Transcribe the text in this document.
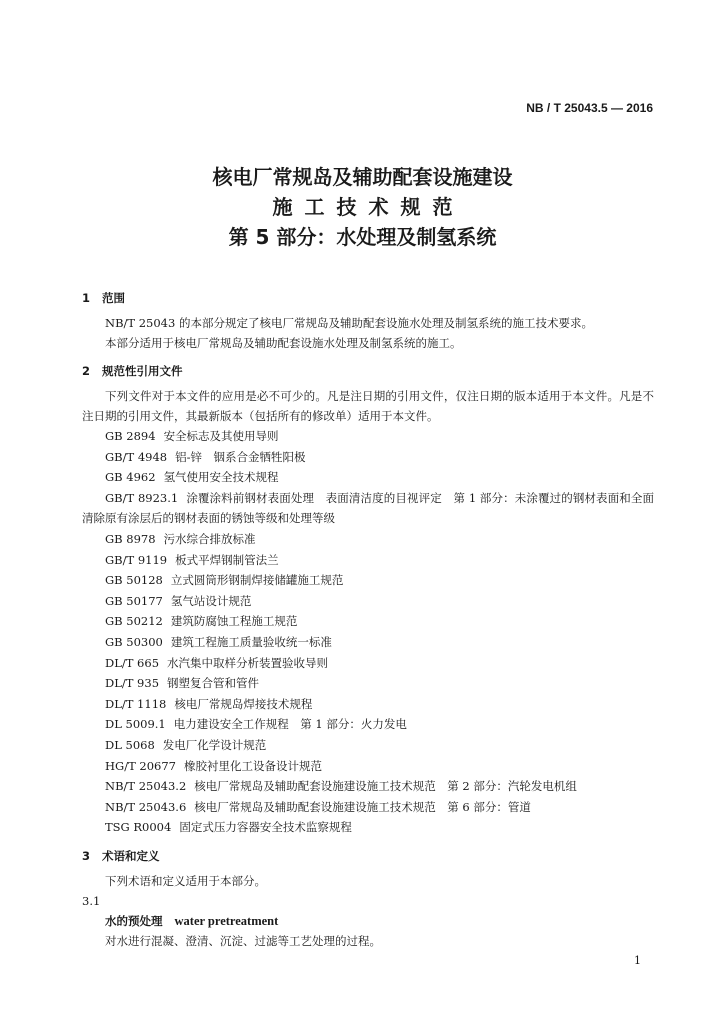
NB / T 25043.5 — 2016
核电厂常规岛及辅助配套设施建设
施工技术规范
第 5 部分：水处理及制氢系统
1 范围
NB/T 25043 的本部分规定了核电厂常规岛及辅助配套设施水处理及制氢系统的施工技术要求。
本部分适用于核电厂常规岛及辅助配套设施水处理及制氢系统的施工。
2 规范性引用文件
下列文件对于本文件的应用是必不可少的。凡是注日期的引用文件，仅注日期的版本适用于本文件。凡是不注日期的引用文件，其最新版本（包括所有的修改单）适用于本文件。
GB 2894 安全标志及其使用导则
GB/T 4948 铝-锌　铟系合金牺牲阳极
GB 4962 氢气使用安全技术规程
GB/T 8923.1 涂覆涂料前钢材表面处理　表面清洁度的目视评定　第 1 部分：未涂覆过的钢材表面和全面清除原有涂层后的钢材表面的锈蚀等级和处理等级
GB 8978 污水综合排放标准
GB/T 9119 板式平焊钢制管法兰
GB 50128 立式圆筒形钢制焊接储罐施工规范
GB 50177 氢气站设计规范
GB 50212 建筑防腐蚀工程施工规范
GB 50300 建筑工程施工质量验收统一标准
DL/T 665 水汽集中取样分析装置验收导则
DL/T 935 钢塑复合管和管件
DL/T 1118 核电厂常规岛焊接技术规程
DL 5009.1 电力建设安全工作规程　第 1 部分：火力发电
DL 5068 发电厂化学设计规范
HG/T 20677 橡胶衬里化工设备设计规范
NB/T 25043.2 核电厂常规岛及辅助配套设施建设施工技术规范　第 2 部分：汽轮发电机组
NB/T 25043.6 核电厂常规岛及辅助配套设施建设施工技术规范　第 6 部分：管道
TSG R0004 固定式压力容器安全技术监察规程
3 术语和定义
下列术语和定义适用于本部分。
3.1
水的预处理 water pretreatment
对水进行混凝、澄清、沉淀、过滤等工艺处理的过程。
1
